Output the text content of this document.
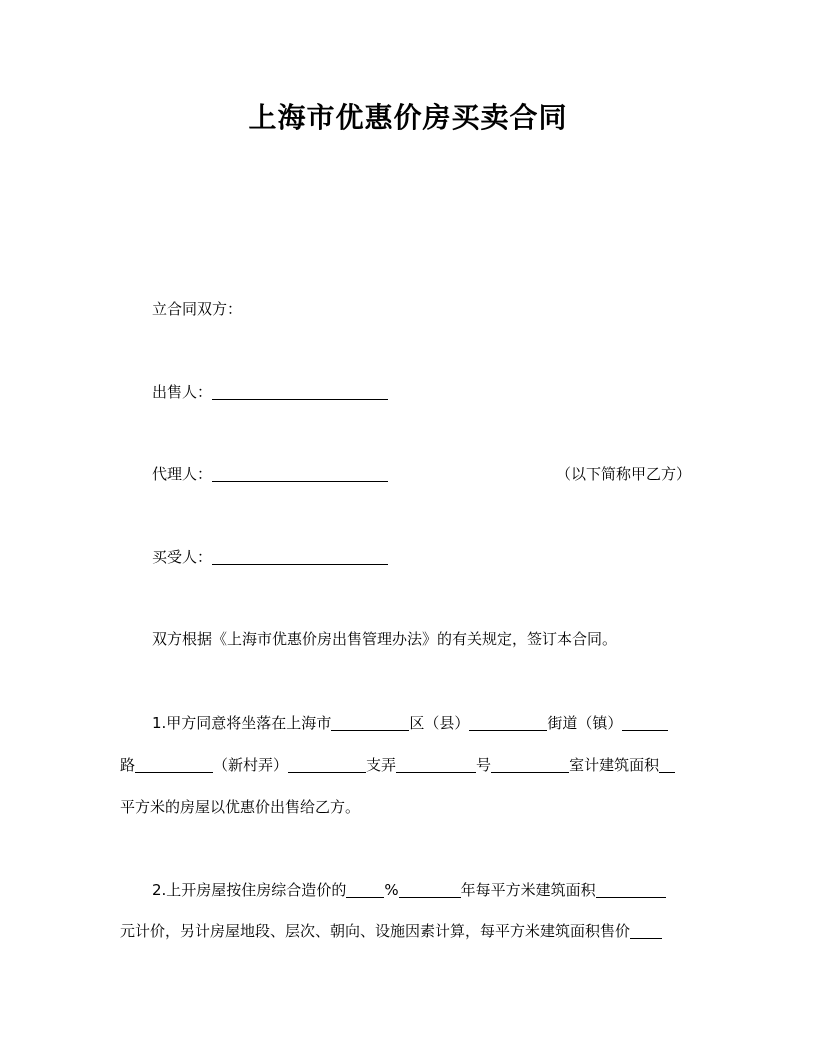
上海市优惠价房买卖合同
立合同双方：
出售人：
代理人：	（以下简称甲乙方）
买受人：
双方根据《上海市优惠价房出售管理办法》的有关规定，签订本合同。
1.甲方同意将坐落在上海市	区（县）	街道（镇）
路	（新村弄）	支弄	号	室计建筑面积
平方米的房屋以优惠价出售给乙方。
2.上开房屋按住房综合造价的	%	年每平方米建筑面积
元计价，另计房屋地段、层次、朝向、设施因素计算，每平方米建筑面积售价
